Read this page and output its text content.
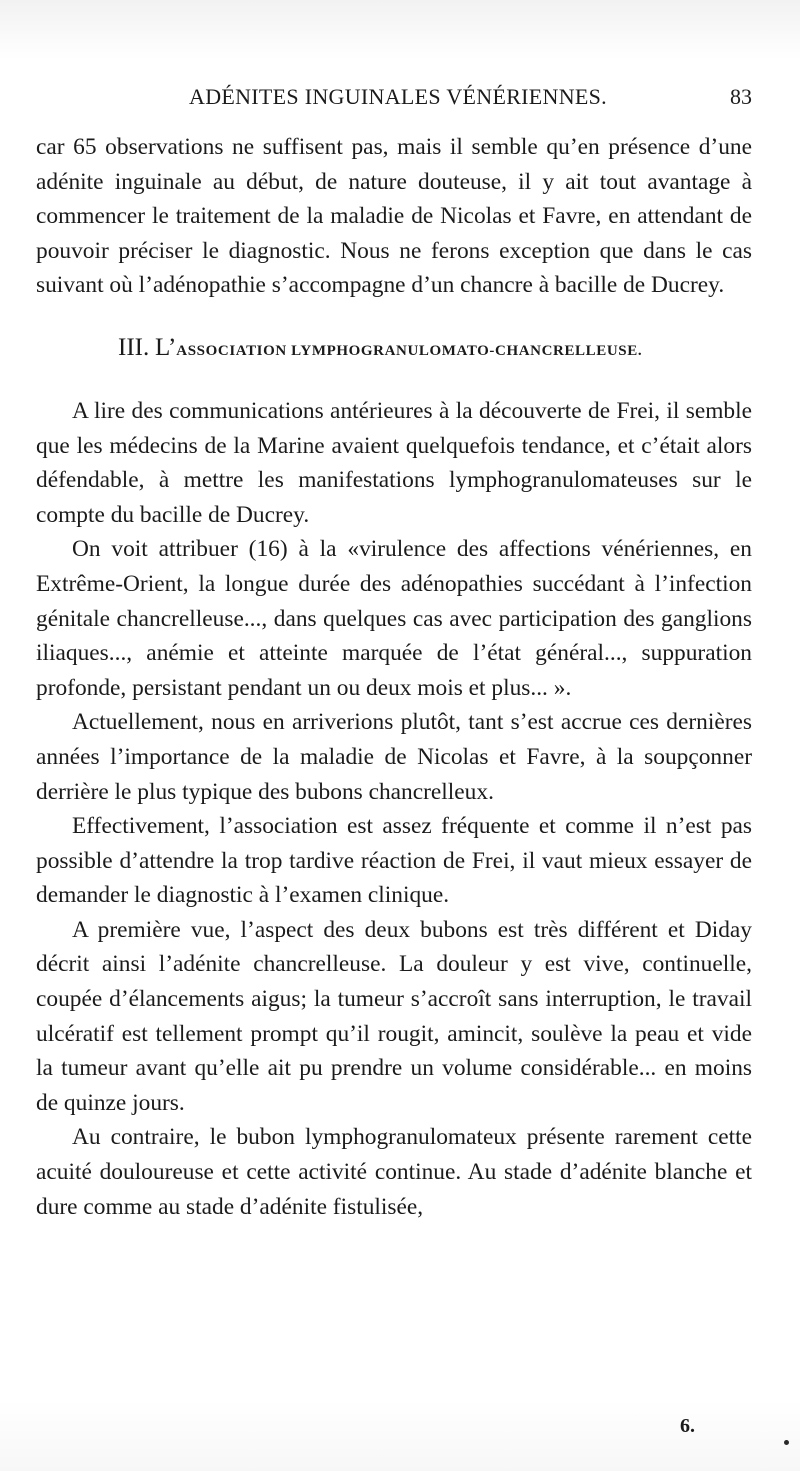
ADÉNITES INGUINALES VÉNÉRIENNES.	83

car 65 observations ne suffisent pas, mais il semble qu’en présence d’une adénite inguinale au début, de nature douteuse, il y ait tout avantage à commencer le traitement de la maladie de Nicolas et Favre, en attendant de pouvoir préciser le diagnostic. Nous ne ferons exception que dans le cas suivant où l’adénopathie s’accompagne d’un chancre à bacille de Ducrey.

III. L’ASSOCIATION LYMPHOGRANULOMATO-CHANCRELLEUSE.

A lire des communications antérieures à la découverte de Frei, il semble que les médecins de la Marine avaient quelquefois tendance, et c’était alors défendable, à mettre les manifestations lymphogranulomateuses sur le compte du bacille de Ducrey.

On voit attribuer (16) à la «virulence des affections vénériennes, en Extrême-Orient, la longue durée des adénopathies succédant à l’infection génitale chancrelleuse..., dans quelques cas avec participation des ganglions iliaques..., anémie et atteinte marquée de l’état général..., suppuration profonde, persistant pendant un ou deux mois et plus... ».

Actuellement, nous en arriverions plutôt, tant s’est accrue ces dernières années l’importance de la maladie de Nicolas et Favre, à la soupçonner derrière le plus typique des bubons chancrelleux.

Effectivement, l’association est assez fréquente et comme il n’est pas possible d’attendre la trop tardive réaction de Frei, il vaut mieux essayer de demander le diagnostic à l’examen clinique.

A première vue, l’aspect des deux bubons est très différent et Diday décrit ainsi l’adénite chancrelleuse. La douleur y est vive, continuelle, coupée d’élancements aigus; la tumeur s’accroît sans interruption, le travail ulcératif est tellement prompt qu’il rougit, amincit, soulève la peau et vide la tumeur avant qu’elle ait pu prendre un volume considérable... en moins de quinze jours.

Au contraire, le bubon lymphogranulomateux présente rarement cette acuité douloureuse et cette activité continue. Au stade d’adénite blanche et dure comme au stade d’adénite fistulisée,

6.
